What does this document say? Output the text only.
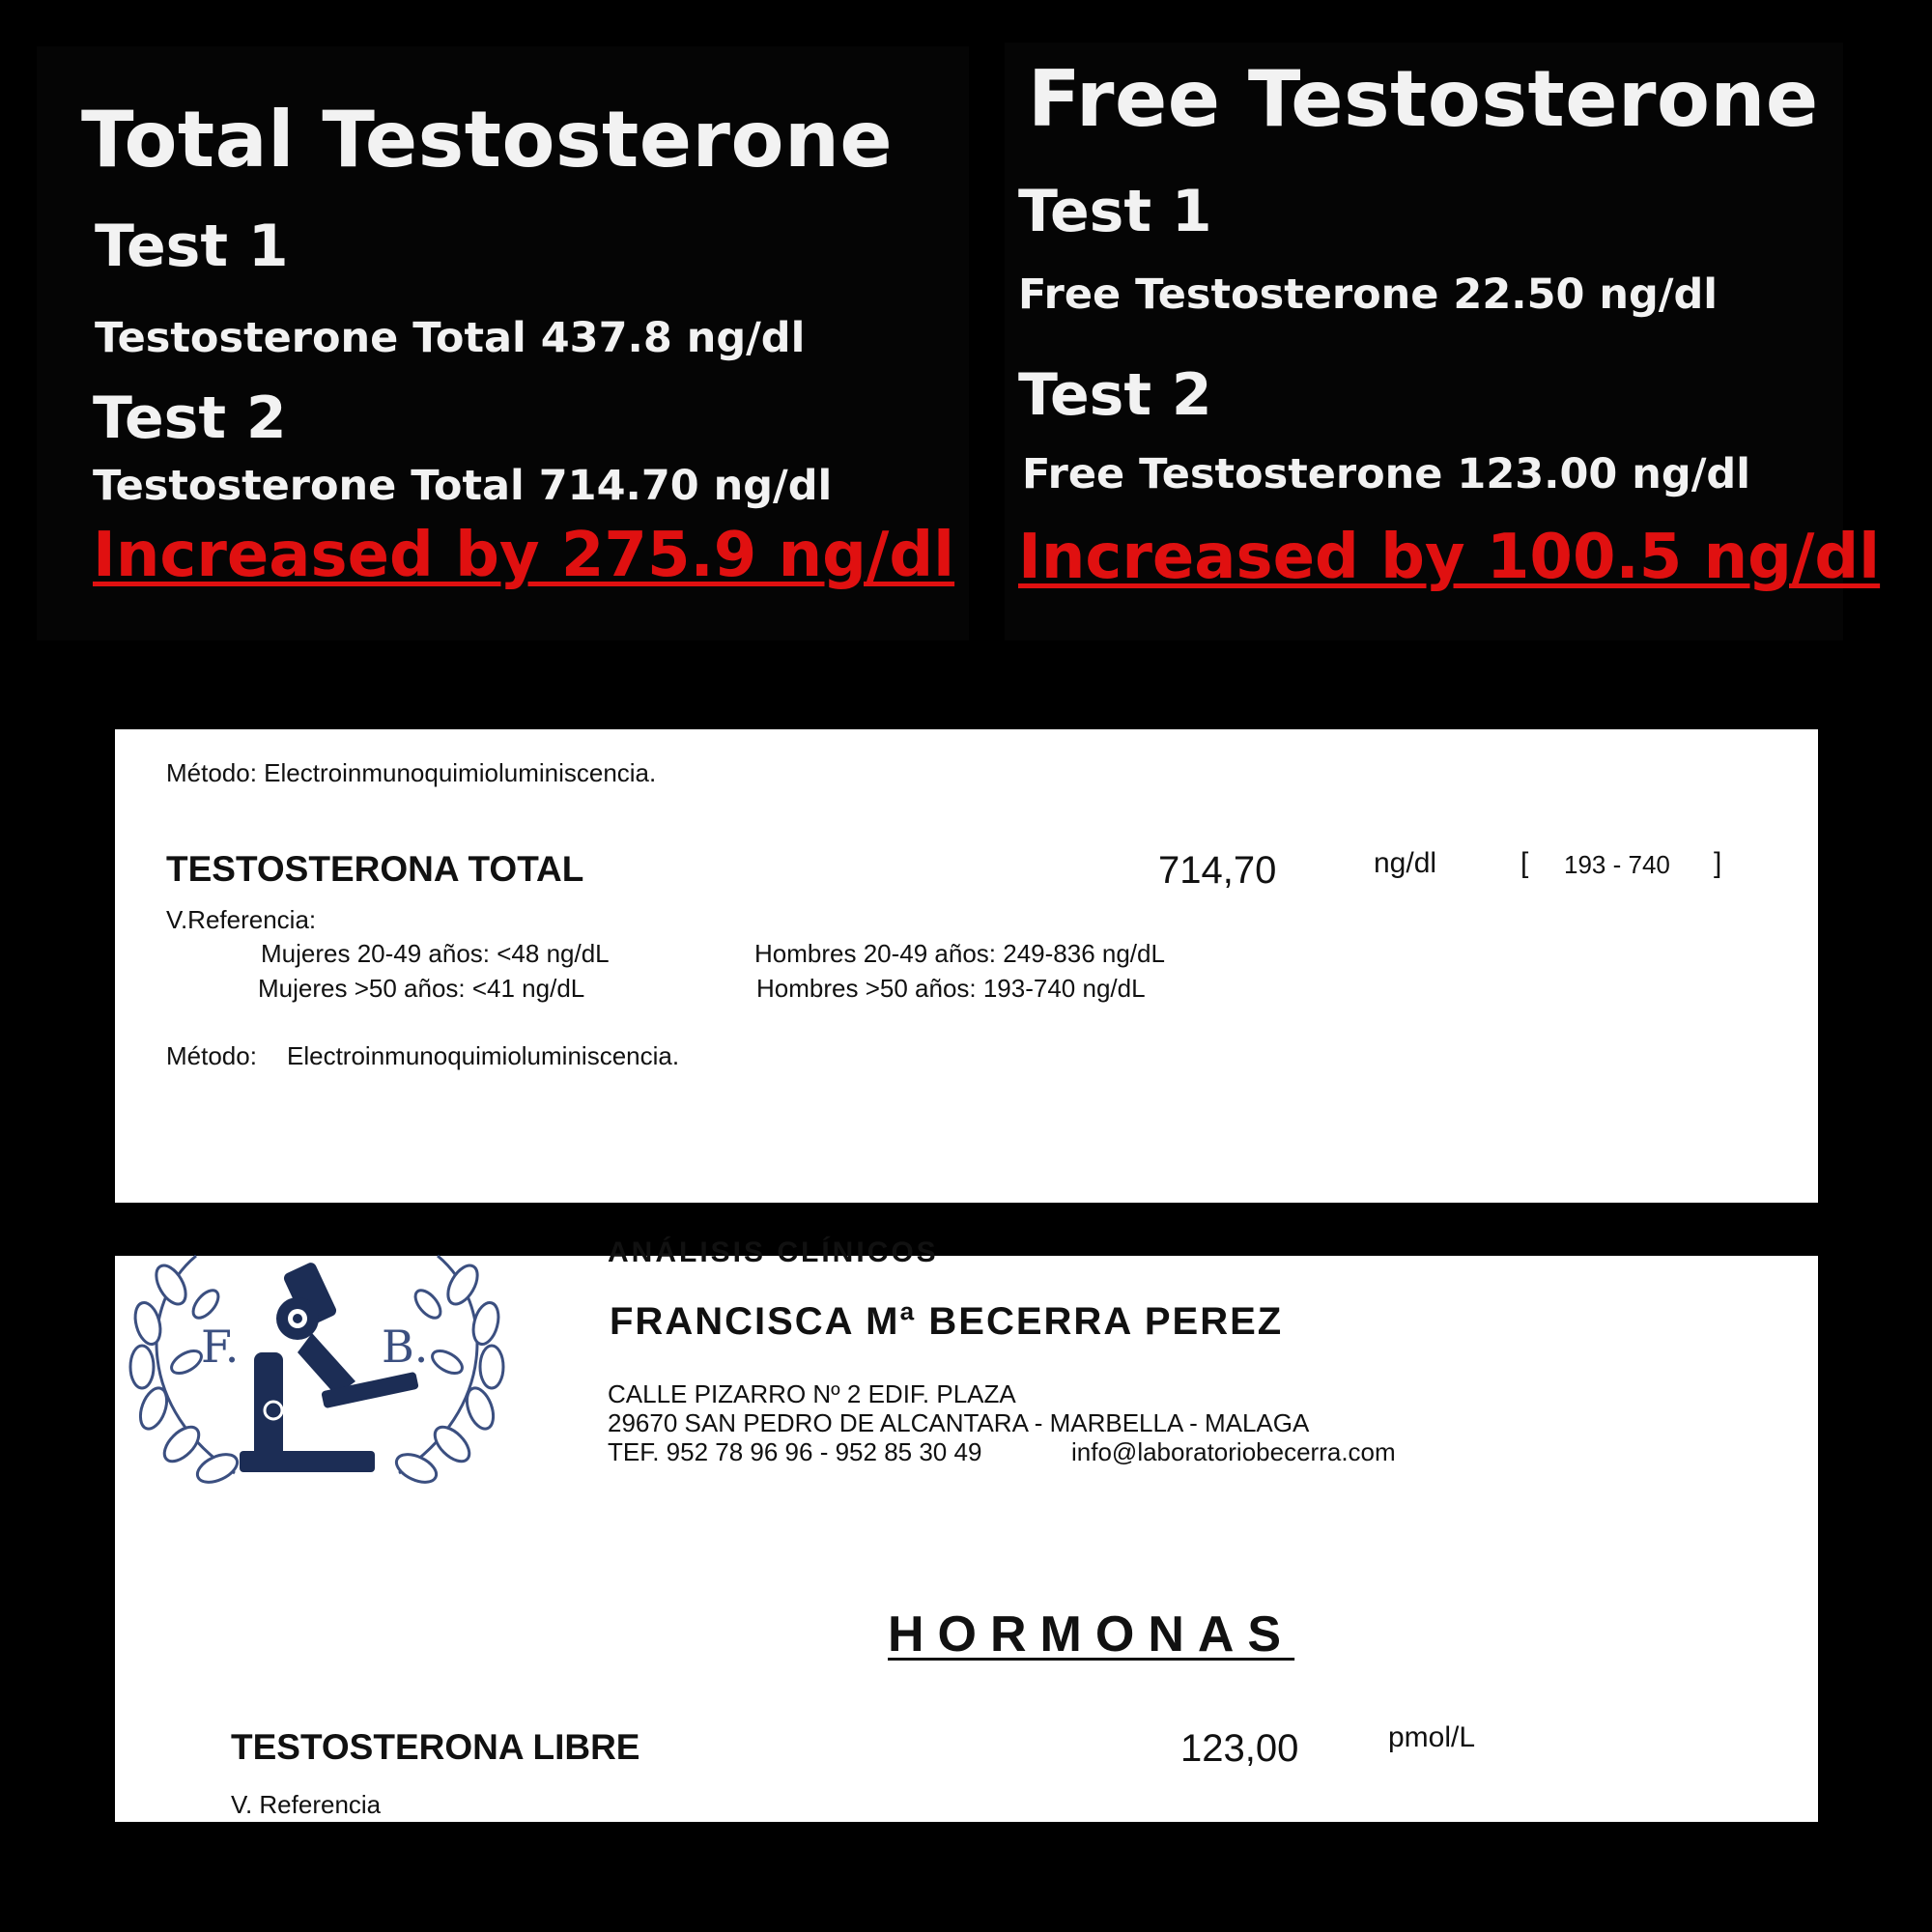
Total Testosterone
Test 1
Testosterone Total 437.8 ng/dl
Test 2
Testosterone Total 714.70 ng/dl
Increased by 275.9 ng/dl
Free Testosterone
Test 1
Free Testosterone 22.50 ng/dl
Test 2
Free Testosterone 123.00 ng/dl
Increased by 100.5 ng/dl
Método: Electroinmunoquimioluminiscencia.
TESTOSTERONA TOTAL	714,70	ng/dl	[ 193 - 740 ]
V.Referencia:
Mujeres 20-49 años: <48 ng/dL	Hombres 20-49 años: 249-836 ng/dL
Mujeres >50 años: <41 ng/dL	Hombres >50 años: 193-740 ng/dL
Método: Electroinmunoquimioluminiscencia.
ANÁLISIS CLÍNICOS
F.	B.	FRANCISCA Mª BECERRA PEREZ
CALLE PIZARRO Nº 2 EDIF. PLAZA
29670 SAN PEDRO DE ALCANTARA - MARBELLA - MALAGA
TEF. 952 78 96 96 - 952 85 30 49	info@laboratoriobecerra.com
HORMONAS
TESTOSTERONA LIBRE	123,00	pmol/L
V. Referencia
